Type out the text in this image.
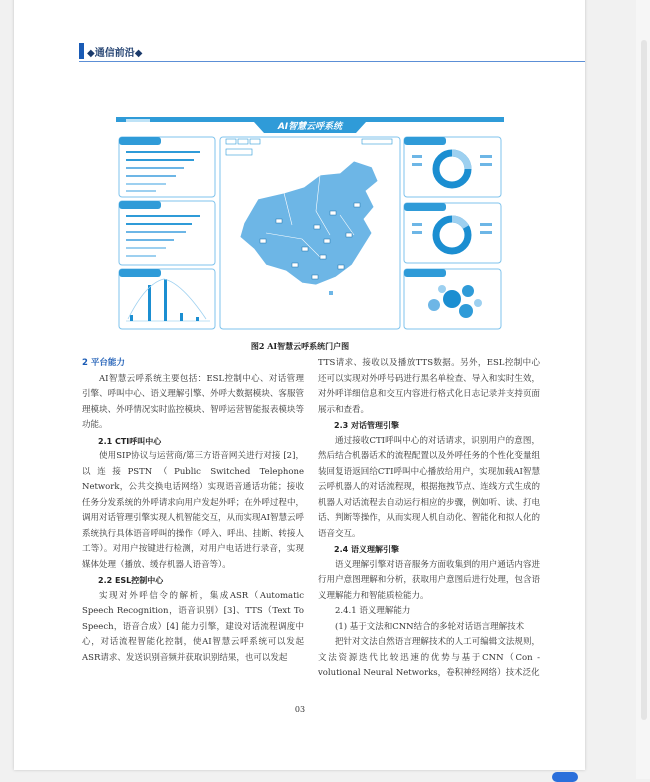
◆通信前沿◆
AI智慧云呼系统
图2 AI智慧云呼系统门户图

2 平台能力

AI智慧云呼系统主要包括：ESL控制中心、对话管理引擎、呼叫中心、语义理解引擎、外呼大数据模块、客服管理模块、外呼情况实时监控模块、智呼运营智能报表模块等功能。

2.1 CTI呼叫中心

使用SIP协议与运营商/第三方语音网关进行对接 [2]，以连接PSTN（Public Switched Telephone Network，公共交换电话网络）实现语音通话功能；接收任务分发系统的外呼请求向用户发起外呼；在外呼过程中，调用对话管理引擎实现人机智能交互，从而实现AI智慧云呼系统执行具体语音呼叫的操作（呼入、呼出、挂断、转接人工等）。对用户按键进行检测，对用户电话进行录音，实现媒体处理（播放、缓存机器人语音等）。

2.2 ESL控制中心

实现对外呼信令的解析，集成ASR（Automatic Speech Recognition，语音识别）[3]、TTS（Text To Speech，语音合成）[4] 能力引擎，建设对话流程调度中心，对话流程智能化控制，使AI智慧云呼系统可以发起ASR请求、发送识别音频并获取识别结果，也可以发起

TTS请求、接收以及播放TTS数据。另外，ESL控制中心还可以实现对外呼号码进行黑名单检查、导入和实时生效，对外呼详细信息和交互内容进行格式化日志记录并支持页面展示和查看。

2.3 对话管理引擎

通过接收CTI呼叫中心的对话请求，识别用户的意图，然后结合机器话术的流程配置以及外呼任务的个性化变量组装回复语返回给CTI呼叫中心播放给用户，实现加载AI智慧云呼机器人的对话流程现，根据拖拽节点、连线方式生成的机器人对话流程去自动运行相应的步骤，例如听、读、打电话、判断等操作，从而实现人机自动化、智能化和拟人化的语音交互。

2.4 语义理解引擎

语义理解引擎对语音服务方面收集到的用户通话内容进行用户意图理解和分析，获取用户意图后进行处理，包含语义理解能力和智能质检能力。

2.4.1 语义理解能力

(1) 基于文法和CNN结合的多轮对话语言理解技术

把针对文法自然语言理解技术的人工可编辑文法规则，文法资源迭代比较迅速的优势与基于CNN（Con - volutional Neural Networks，卷积神经网络）技术泛化

03
